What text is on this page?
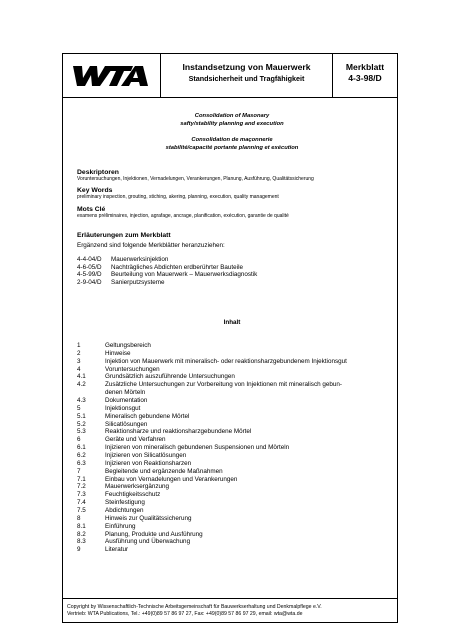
Instandsetzung von Mauerwerk
Standsicherheit und Tragfähigkeit
Merkblatt
4-3-98/D
Consolidation of Masonary
safty/stability planning and execution
Consolidation de maçonnerie
stabilité/capacité portante planning et exécution
Deskriptoren
Voruntersuchungen, Injektionen, Vernadelungen, Verankerungen, Planung, Ausführung, Qualitätssicherung
Key Words
preliminary inspection, grouting, stiching, akering, planning, execution, quality management
Mots Clé
examens préliminaires, injection, agrafage, ancrage, planification, exécution, garantie de qualité
Erläuterungen zum Merkblatt
Ergänzend sind folgende Merkblätter heranzuziehen:
4-4-04/D	Mauerwerksinjektion
4-6-05/D	Nachträgliches Abdichten erdberührter Bauteile
4-5-99/D	Beurteilung von Mauerwerk – Mauerwerksdiagnostik
2-9-04/D	Sanierputzsysteme
Inhalt
1	Geltungsbereich
2	Hinweise
3	Injektion von Mauerwerk mit mineralisch- oder reaktionsharzgebundenem Injektionsgut
4	Voruntersuchungen
4.1	Grundsätzlich auszuführende Untersuchungen
4.2	Zusätzliche Untersuchungen zur Vorbereitung von Injektionen mit mineralisch gebun-
denen Mörteln
4.3	Dokumentation
5	Injektionsgut
5.1	Mineralisch gebundene Mörtel
5.2	Silicatlösungen
5.3	Reaktionsharze und reaktionsharzgebundene Mörtel
6	Geräte und Verfahren
6.1	Injizieren von mineralisch gebundenen Suspensionen und Mörteln
6.2	Injizieren von Silicatlösungen
6.3	Injizieren von Reaktionsharzen
7	Begleitende und ergänzende Maßnahmen
7.1	Einbau von Vernadelungen und Verankerungen
7.2	Mauerwerksergänzung
7.3	Feuchtigkeitsschutz
7.4	Steinfestigung
7.5	Abdichtungen
8	Hinweis zur Qualitätssicherung
8.1	Einführung
8.2	Planung, Produkte und Ausführung
8.3	Ausführung und Überwachung
9	Literatur
Copyright by Wissenschaftlich-Technische Arbeitsgemeinschaft für Bauwerkserhaltung und Denkmalpflege e.V.
Vertrieb: WTA Publications, Tel.: +49(0)89 57 86 97 27, Fax: +49(0)89 57 86 97 29, email: wta@wta.de
